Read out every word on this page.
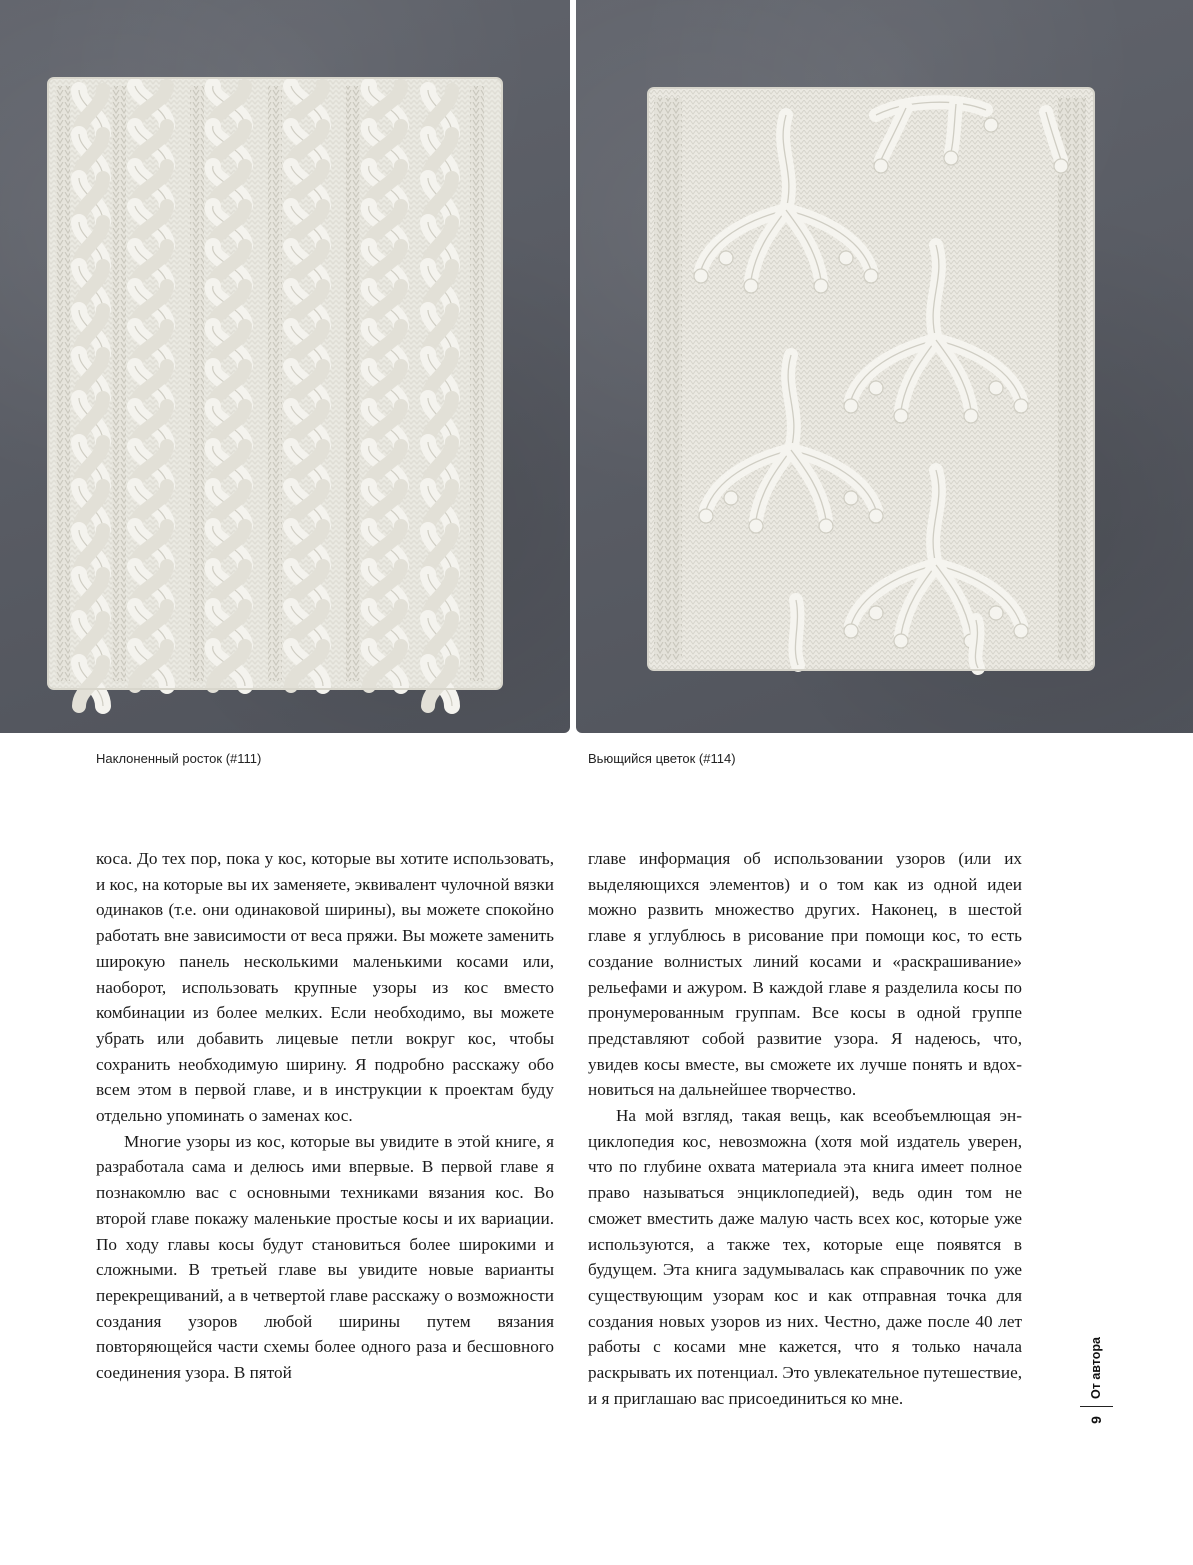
Наклоненный росток (#111)	Вьющийся цветок (#114)

коса. До тех пор, пока у кос, которые вы хотите использовать, и кос, на которые вы их заменяете, эквивалент чулочной вязки одинаков (т.е. они одинаковой ширины), вы можете спокойно работать вне зависимости от веса пряжи. Вы можете заменить широкую панель несколькими маленькими косами или, наоборот, использовать крупные узоры из кос вместо комбинации из более мелких. Если необходимо, вы можете убрать или добавить лицевые петли вокруг кос, чтобы сохранить необходимую ширину. Я подробно расскажу обо всем этом в первой главе, и в инструкции к проектам буду отдельно упоминать о заменах кос.

Многие узоры из кос, которые вы увидите в этой книге, я разработала сама и делюсь ими впервые. В первой главе я познакомлю вас с основными техниками вязания кос. Во второй главе покажу маленькие простые косы и их вариации. По ходу главы косы будут становиться более широкими и сложными. В третьей главе вы увидите новые варианты перекрещиваний, а в четвертой главе расскажу о возможности создания узоров любой ширины путем вязания повторяющейся части схемы более одного раза и бесшовного соединения узора. В пятой

главе информация об использовании узоров (или их выделяющихся элементов) и о том как из одной идеи можно развить множество других. Наконец, в шестой главе я углублюсь в рисование при помощи кос, то есть создание волнистых линий косами и «раскрашивание» рельефами и ажуром. В каждой главе я разделила косы по пронумерованным группам. Все косы в одной группе представляют собой развитие узора. Я надеюсь, что, увидев косы вместе, вы сможете их лучше понять и вдохновиться на дальнейшее творчество.

На мой взгляд, такая вещь, как всеобъемлющая энциклопедия кос, невозможна (хотя мой издатель уверен, что по глубине охвата материала эта книга имеет полное право называться энциклопедией), ведь один том не сможет вместить даже малую часть всех кос, которые уже используются, а также тех, которые еще появятся в будущем. Эта книга задумывалась как справочник по уже существующим узорам кос и как отправная точка для создания новых узоров из них. Честно, даже после 40 лет работы с косами мне кажется, что я только начала раскрывать их потенциал. Это увлекательное путешествие, и я приглашаю вас присоединиться ко мне.	От автора
9
